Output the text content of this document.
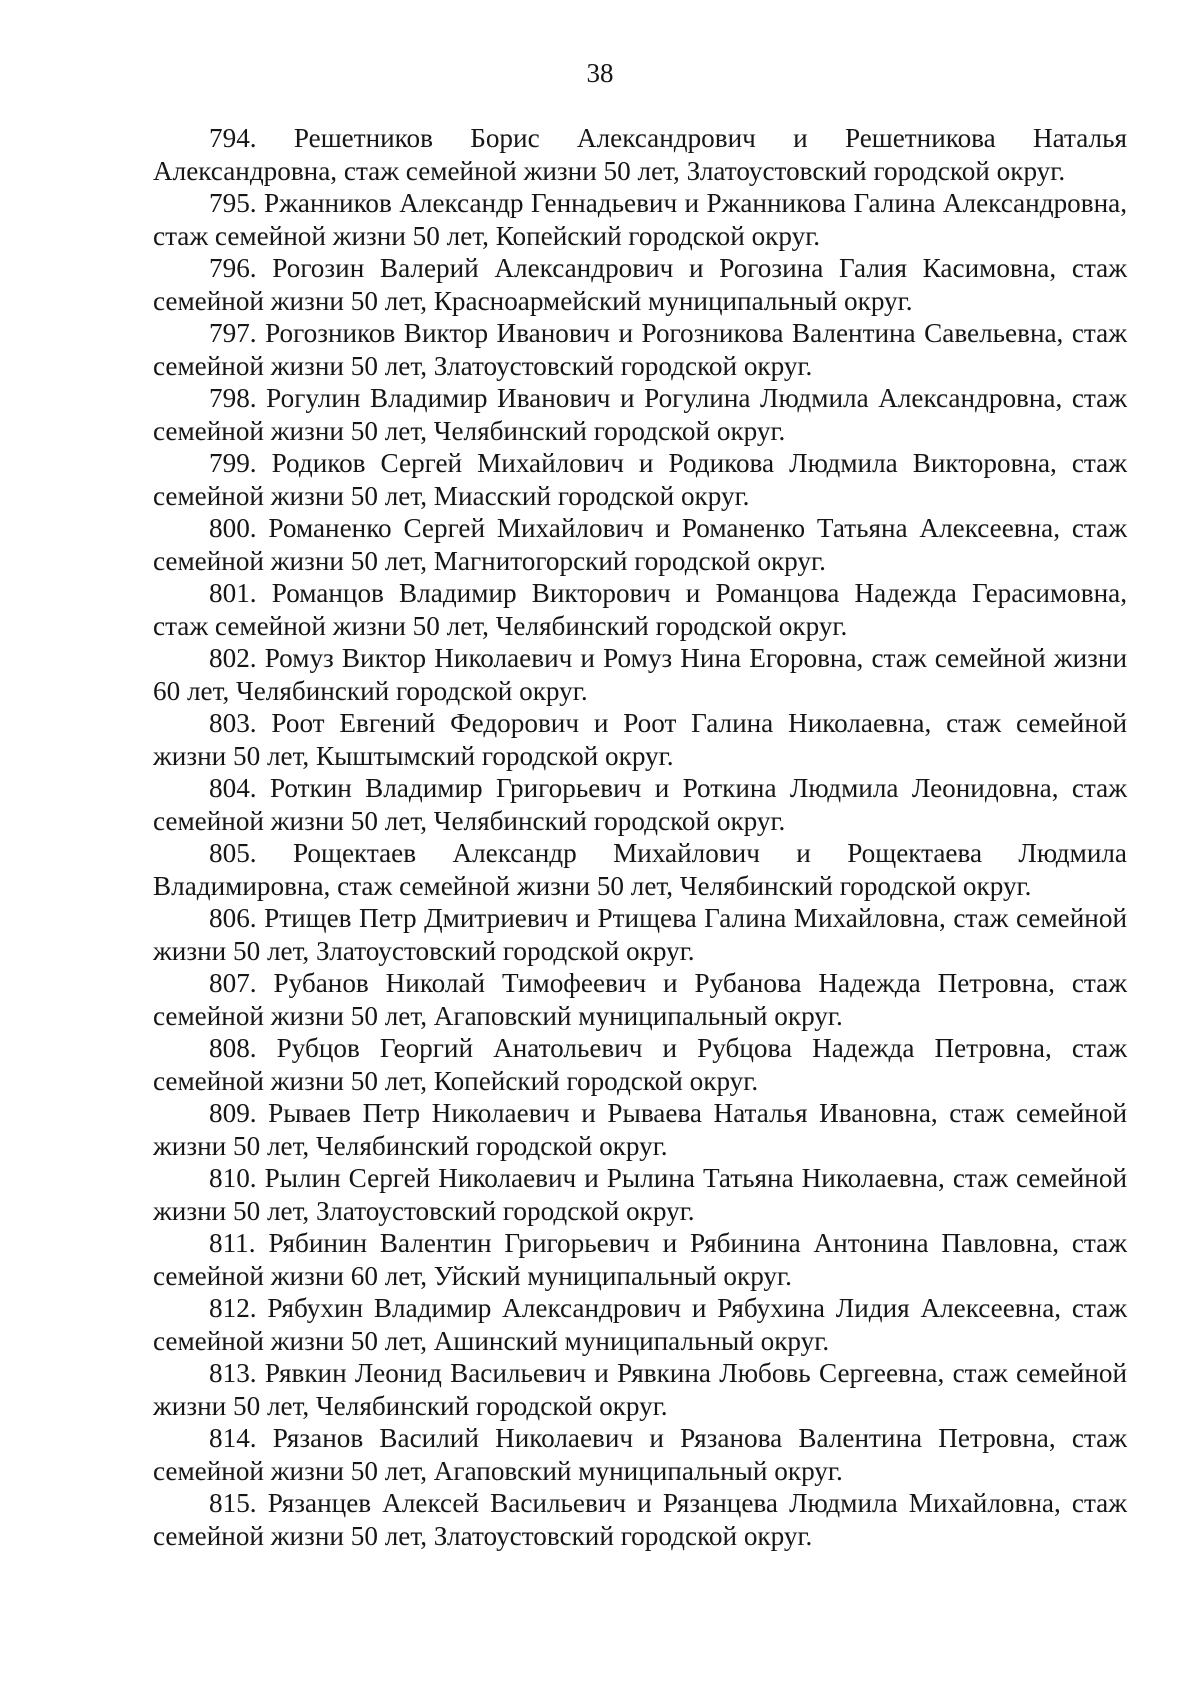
38

794. Решетников Борис Александрович и Решетникова Наталья Александровна, стаж семейной жизни 50 лет, Златоустовский городской округ.

795. Ржанников Александр Геннадьевич и Ржанникова Галина Александровна, стаж семейной жизни 50 лет, Копейский городской округ.

796. Рогозин Валерий Александрович и Рогозина Галия Касимовна, стаж семейной жизни 50 лет, Красноармейский муниципальный округ.

797. Рогозников Виктор Иванович и Рогозникова Валентина Савельевна, стаж семейной жизни 50 лет, Златоустовский городской округ.

798. Рогулин Владимир Иванович и Рогулина Людмила Александровна, стаж семейной жизни 50 лет, Челябинский городской округ.

799. Родиков Сергей Михайлович и Родикова Людмила Викторовна, стаж семейной жизни 50 лет, Миасский городской округ.

800. Романенко Сергей Михайлович и Романенко Татьяна Алексеевна, стаж семейной жизни 50 лет, Магнитогорский городской округ.

801. Романцов Владимир Викторович и Романцова Надежда Герасимовна, стаж семейной жизни 50 лет, Челябинский городской округ.

802. Ромуз Виктор Николаевич и Ромуз Нина Егоровна, стаж семейной жизни 60 лет, Челябинский городской округ.

803. Роот Евгений Федорович и Роот Галина Николаевна, стаж семейной жизни 50 лет, Кыштымский городской округ.

804. Роткин Владимир Григорьевич и Роткина Людмила Леонидовна, стаж семейной жизни 50 лет, Челябинский городской округ.

805. Рощектаев Александр Михайлович и Рощектаева Людмила Владимировна, стаж семейной жизни 50 лет, Челябинский городской округ.

806. Ртищев Петр Дмитриевич и Ртищева Галина Михайловна, стаж семейной жизни 50 лет, Златоустовский городской округ.

807. Рубанов Николай Тимофеевич и Рубанова Надежда Петровна, стаж семейной жизни 50 лет, Агаповский муниципальный округ.

808. Рубцов Георгий Анатольевич и Рубцова Надежда Петровна, стаж семейной жизни 50 лет, Копейский городской округ.

809. Рываев Петр Николаевич и Рываева Наталья Ивановна, стаж семейной жизни 50 лет, Челябинский городской округ.

810. Рылин Сергей Николаевич и Рылина Татьяна Николаевна, стаж семейной жизни 50 лет, Златоустовский городской округ.

811. Рябинин Валентин Григорьевич и Рябинина Антонина Павловна, стаж семейной жизни 60 лет, Уйский муниципальный округ.

812. Рябухин Владимир Александрович и Рябухина Лидия Алексеевна, стаж семейной жизни 50 лет, Ашинский муниципальный округ.

813. Рявкин Леонид Васильевич и Рявкина Любовь Сергеевна, стаж семейной жизни 50 лет, Челябинский городской округ.

814. Рязанов Василий Николаевич и Рязанова Валентина Петровна, стаж семейной жизни 50 лет, Агаповский муниципальный округ.

815. Рязанцев Алексей Васильевич и Рязанцева Людмила Михайловна, стаж семейной жизни 50 лет, Златоустовский городской округ.
